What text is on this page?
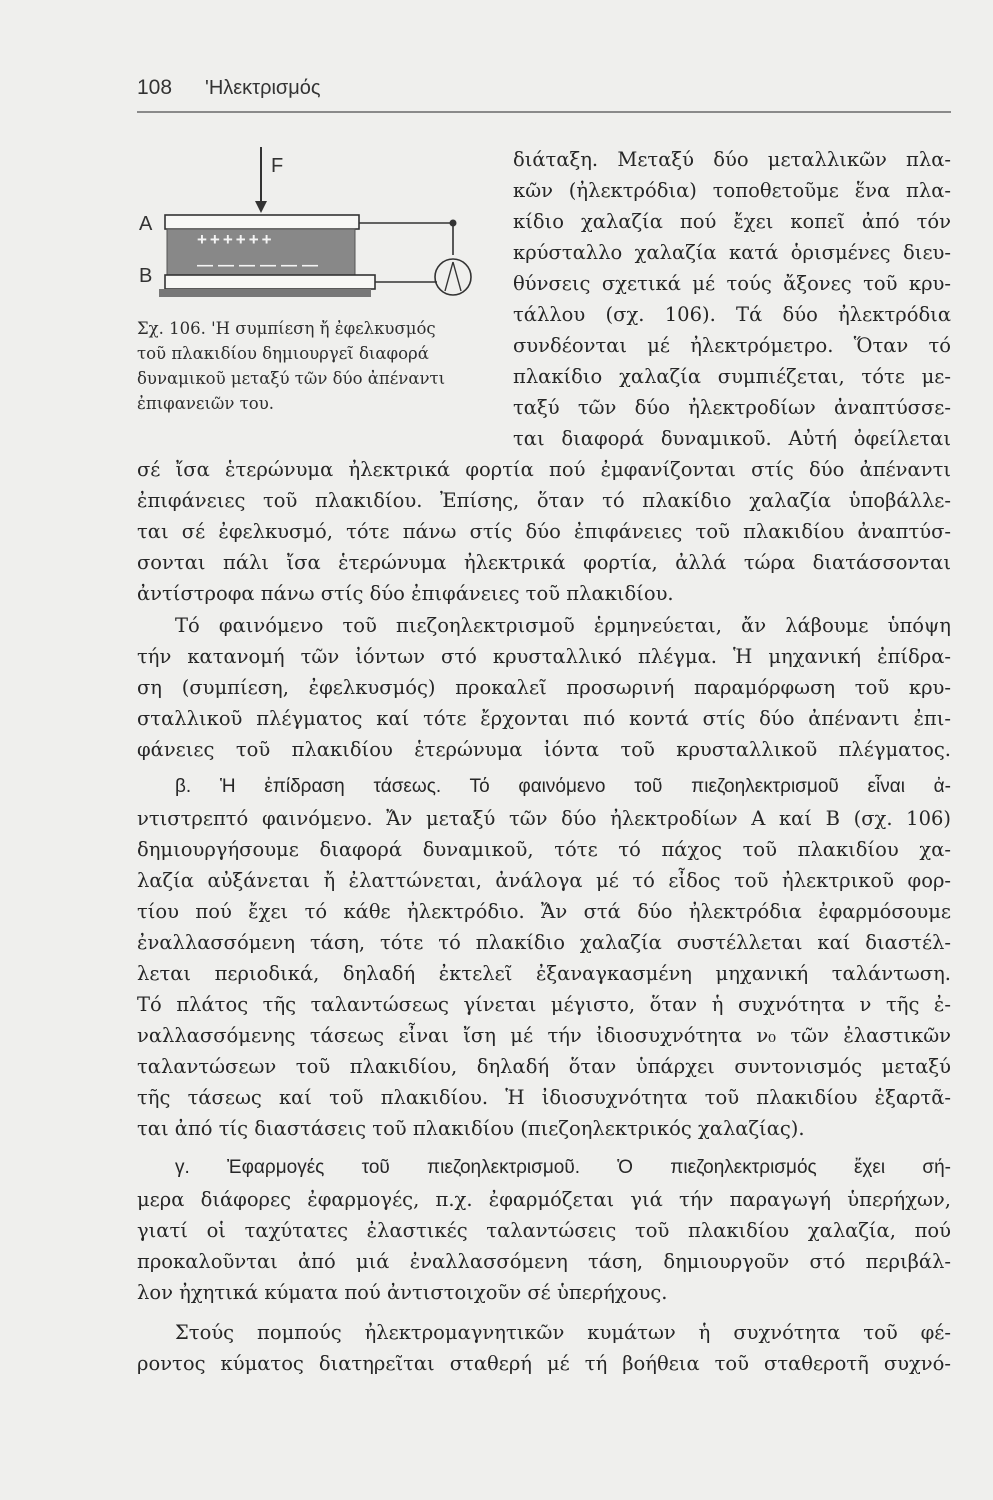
108 'Ηλεκτρισμός
F
A
B
++++++
——————
Σχ. 106. 'Η συμπίεση ἤ ἐφελκυσμός
τοῦ πλακιδίου δημιουργεῖ διαφορά
δυναμικοῦ μεταξύ τῶν δύο ἀπέναντι
ἐπιφανειῶν του.
διάταξη. Μεταξύ δύο μεταλλικῶν πλα-
κῶν (ἠλεκτρόδια) τοποθετοῦμε ἕνα πλα-
κίδιο χαλαζία πού ἔχει κοπεῖ ἀπό τόν
κρύσταλλο χαλαζία κατά ὁρισμένες διευ-
θύνσεις σχετικά μέ τούς ἄξονες τοῦ κρυ-
τάλλου (σχ. 106). Τά δύο ἠλεκτρόδια
συνδέονται μέ ἠλεκτρόμετρο. Ὅταν τό
πλακίδιο χαλαζία συμπιέζεται, τότε με-
ταξύ τῶν δύο ἠλεκτροδίων ἀναπτύσσε-
ται διαφορά δυναμικοῦ. Αὐτή ὀφείλεται
σέ ἴσα ἑτερώνυμα ἠλεκτρικά φορτία πού ἐμφανίζονται στίς δύο ἀπέναντι
ἐπιφάνειες τοῦ πλακιδίου. Ἐπίσης, ὅταν τό πλακίδιο χαλαζία ὑποβάλλε-
ται σέ ἐφελκυσμό, τότε πάνω στίς δύο ἐπιφάνειες τοῦ πλακιδίου ἀναπτύσ-
σονται πάλι ἴσα ἑτερώνυμα ἠλεκτρικά φορτία, ἀλλά τώρα διατάσσονται
ἀντίστροφα πάνω στίς δύο ἐπιφάνειες τοῦ πλακιδίου.
Τό φαινόμενο τοῦ πιεζοηλεκτρισμοῦ ἑρμηνεύεται, ἄν λάβουμε ὑπόψη
τήν κατανομή τῶν ἰόντων στό κρυσταλλικό πλέγμα. Ἡ μηχανική ἐπίδρα-
ση (συμπίεση, ἐφελκυσμός) προκαλεῖ προσωρινή παραμόρφωση τοῦ κρυ-
σταλλικοῦ πλέγματος καί τότε ἔρχονται πιό κοντά στίς δύο ἀπέναντι ἐπι-
φάνειες τοῦ πλακιδίου ἑτερώνυμα ἰόντα τοῦ κρυσταλλικοῦ πλέγματος.
β. Ἡ ἐπίδραση τάσεως. Τό φαινόμενο τοῦ πιεζοηλεκτρισμοῦ εἶναι ἀ-
ντιστρεπτό φαινόμενο. Ἄν μεταξύ τῶν δύο ἠλεκτροδίων Α καί Β (σχ. 106)
δημιουργήσουμε διαφορά δυναμικοῦ, τότε τό πάχος τοῦ πλακιδίου χα-
λαζία αὐξάνεται ἤ ἐλαττώνεται, ἀνάλογα μέ τό εἶδος τοῦ ἠλεκτρικοῦ φορ-
τίου πού ἔχει τό κάθε ἠλεκτρόδιο. Ἄν στά δύο ἠλεκτρόδια ἐφαρμόσουμε
ἐναλλασσόμενη τάση, τότε τό πλακίδιο χαλαζία συστέλλεται καί διαστέλ-
λεται περιοδικά, δηλαδή ἐκτελεῖ ἐξαναγκασμένη μηχανική ταλάντωση.
Τό πλάτος τῆς ταλαντώσεως γίνεται μέγιστο, ὅταν ἡ συχνότητα ν τῆς ἐ-
ναλλασσόμενης τάσεως εἶναι ἴση μέ τήν ἰδιοσυχνότητα ν₀ τῶν ἐλαστικῶν
ταλαντώσεων τοῦ πλακιδίου, δηλαδή ὅταν ὑπάρχει συντονισμός μεταξύ
τῆς τάσεως καί τοῦ πλακιδίου. Ἡ ἰδιοσυχνότητα τοῦ πλακιδίου ἐξαρτᾶ-
ται ἀπό τίς διαστάσεις τοῦ πλακιδίου (πιεζοηλεκτρικός χαλαζίας).
γ. Ἐφαρμογές τοῦ πιεζοηλεκτρισμοῦ. Ὁ πιεζοηλεκτρισμός ἔχει σή-
μερα διάφορες ἐφαρμογές, π.χ. ἐφαρμόζεται γιά τήν παραγωγή ὑπερήχων,
γιατί οἱ ταχύτατες ἐλαστικές ταλαντώσεις τοῦ πλακιδίου χαλαζία, πού
προκαλοῦνται ἀπό μιά ἐναλλασσόμενη τάση, δημιουργοῦν στό περιβάλ-
λον ἠχητικά κύματα πού ἀντιστοιχοῦν σέ ὑπερήχους.
Στούς πομπούς ἠλεκτρομαγνητικῶν κυμάτων ἡ συχνότητα τοῦ φέ-
ροντος κύματος διατηρεῖται σταθερή μέ τή βοήθεια τοῦ σταθεροτῆ συχνό-
